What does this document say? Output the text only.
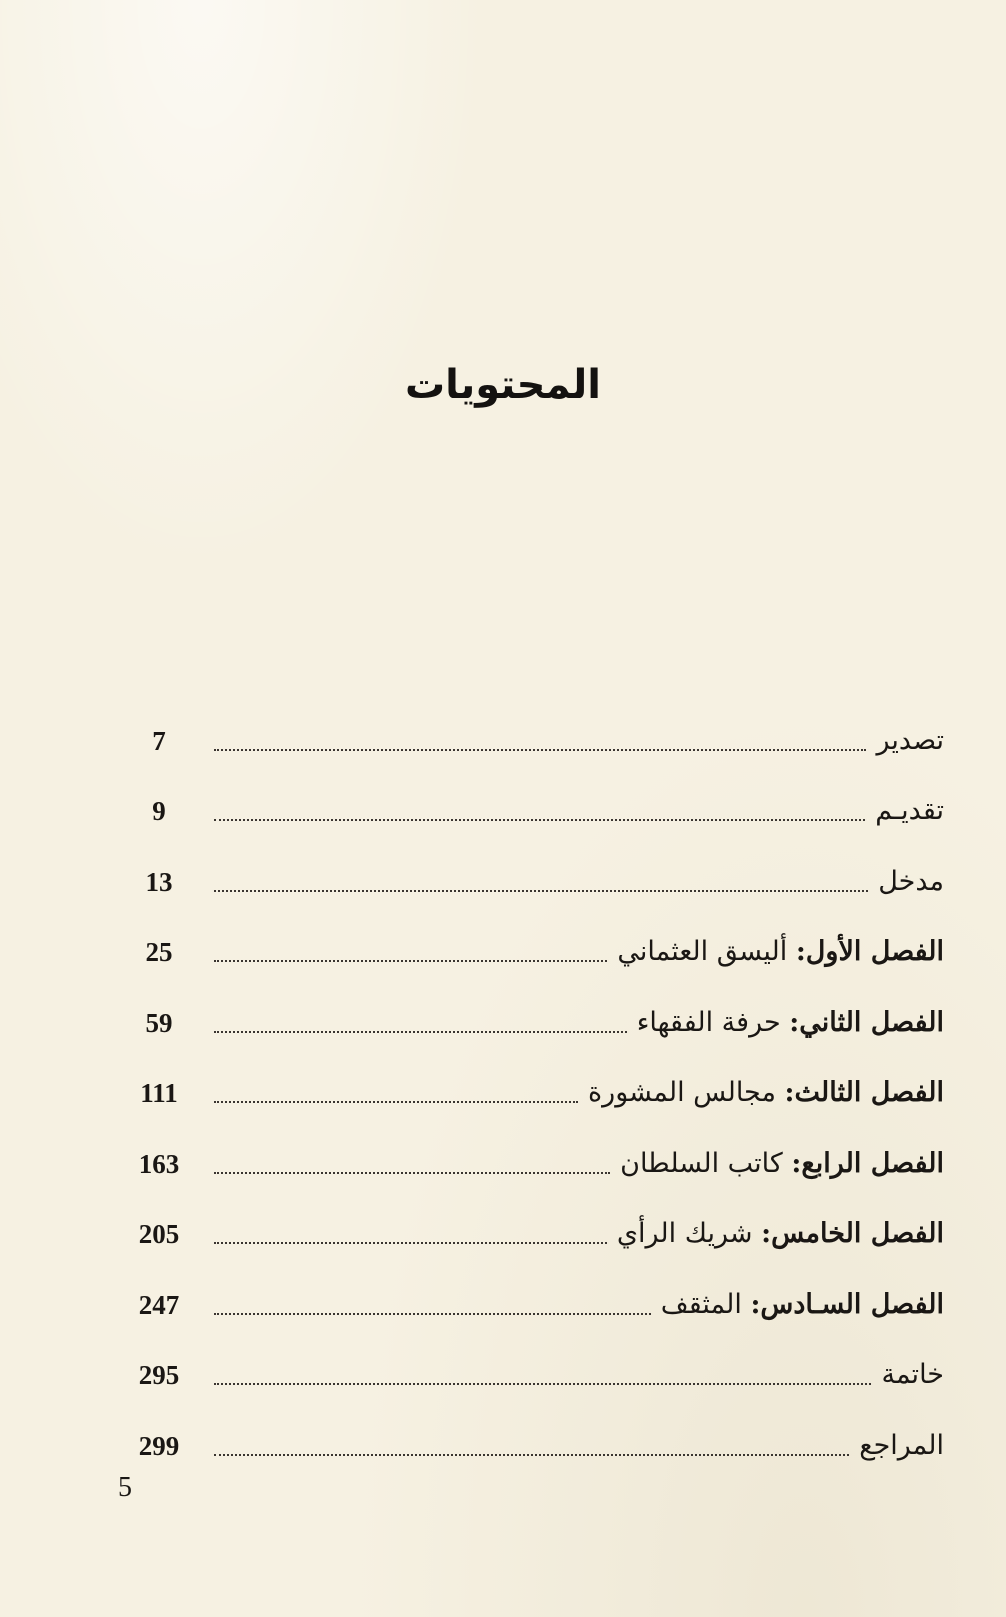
المحتويات
تصدير
7
تقديـم
9
مدخل
13
الفصل الأول: أليسق العثماني
25
الفصل الثاني: حرفة الفقهاء
59
الفصل الثالث: مجالس المشورة
111
الفصل الرابع: كاتب السلطان
163
الفصل الخامس: شريك الرأي
205
الفصل السـادس: المثقف
247
خاتمة
295
المراجع
299
5
